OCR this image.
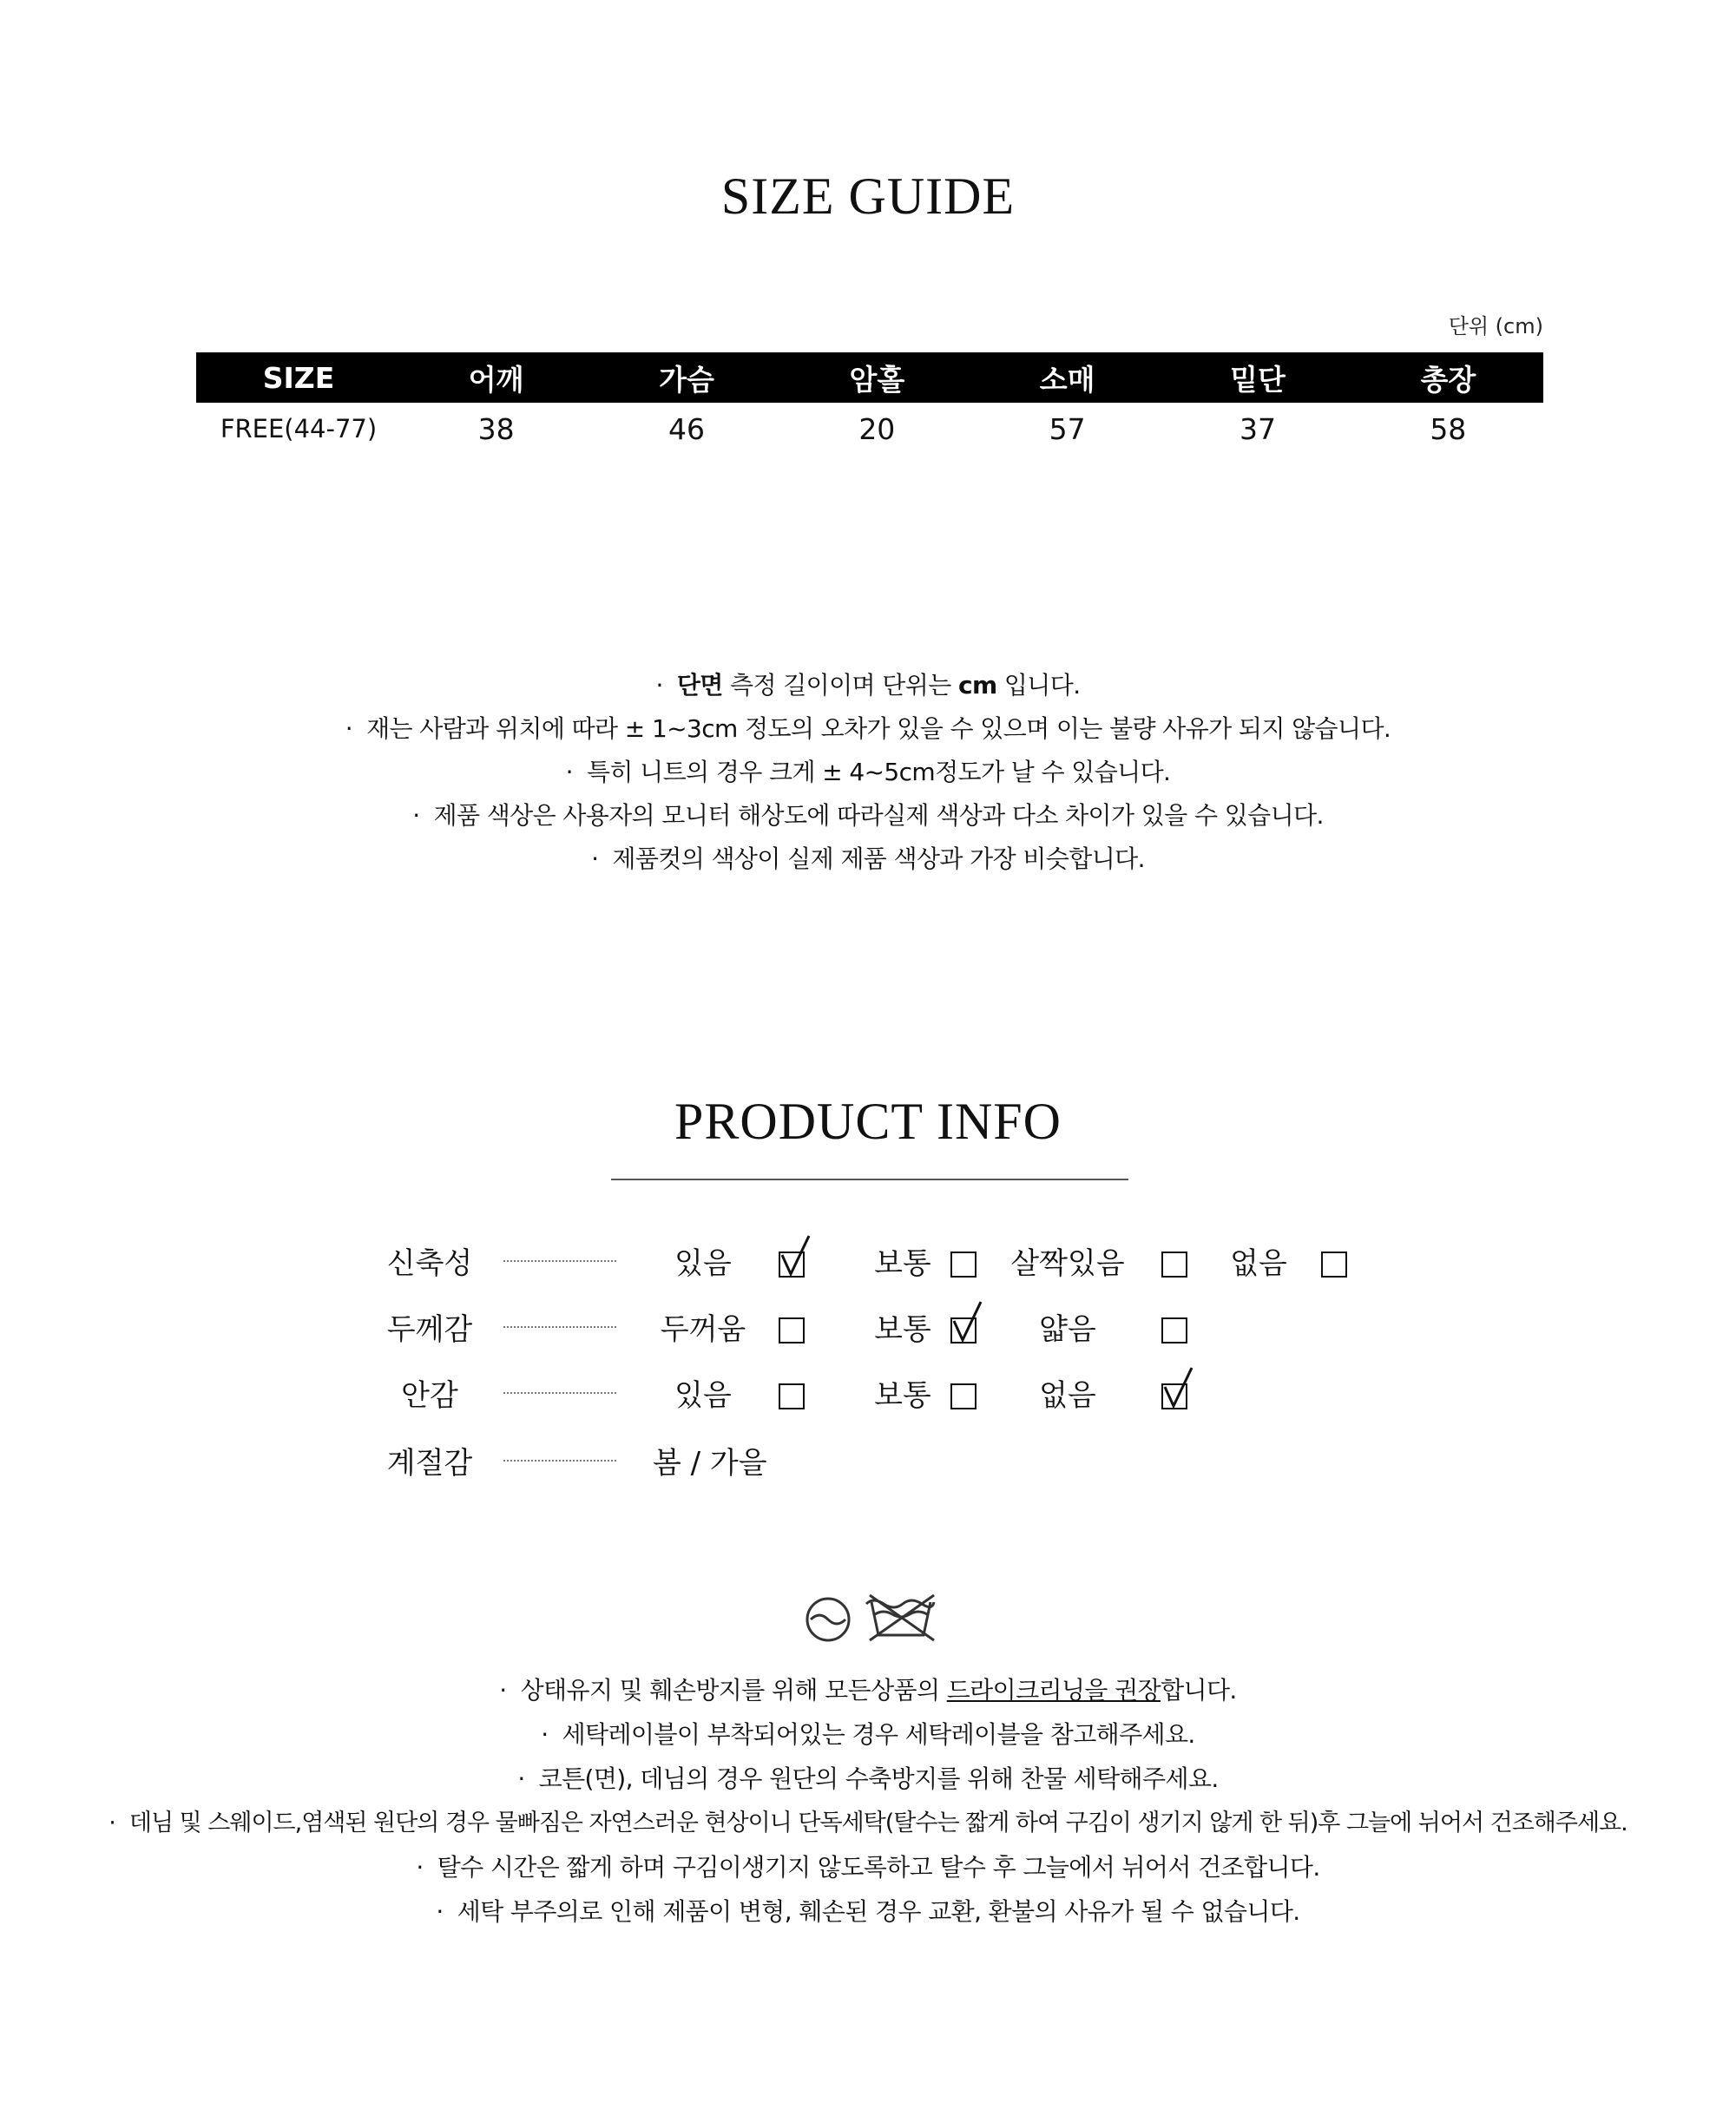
SIZE GUIDE
단위 (cm)
SIZE	어깨	가슴	암홀	소매	밑단	총장
FREE(44-77)	38	46	20	57	37	58
· 단면 측정 길이이며 단위는 cm 입니다.
· 재는 사람과 위치에 따라 ± 1~3cm 정도의 오차가 있을 수 있으며 이는 불량 사유가 되지 않습니다.
· 특히 니트의 경우 크게 ± 4~5cm정도가 날 수 있습니다.
· 제품 색상은 사용자의 모니터 해상도에 따라실제 색상과 다소 차이가 있을 수 있습니다.
· 제품컷의 색상이 실제 제품 색상과 가장 비슷합니다.
PRODUCT INFO
신축성	있음	보통	살짝있음	없음
두께감	두꺼움	보통	얇음
안감	있음	보통	없음
계절감	봄 / 가을
· 상태유지 및 훼손방지를 위해 모든상품의 드라이크리닝을 권장합니다.
· 세탁레이블이 부착되어있는 경우 세탁레이블을 참고해주세요.
· 코튼(면), 데님의 경우 원단의 수축방지를 위해 찬물 세탁해주세요.
· 데님 및 스웨이드,염색된 원단의 경우 물빠짐은 자연스러운 현상이니 단독세탁(탈수는 짧게 하여 구김이 생기지 않게 한 뒤)후 그늘에 뉘어서 건조해주세요.
· 탈수 시간은 짧게 하며 구김이생기지 않도록하고 탈수 후 그늘에서 뉘어서 건조합니다.
· 세탁 부주의로 인해 제품이 변형, 훼손된 경우 교환, 환불의 사유가 될 수 없습니다.
